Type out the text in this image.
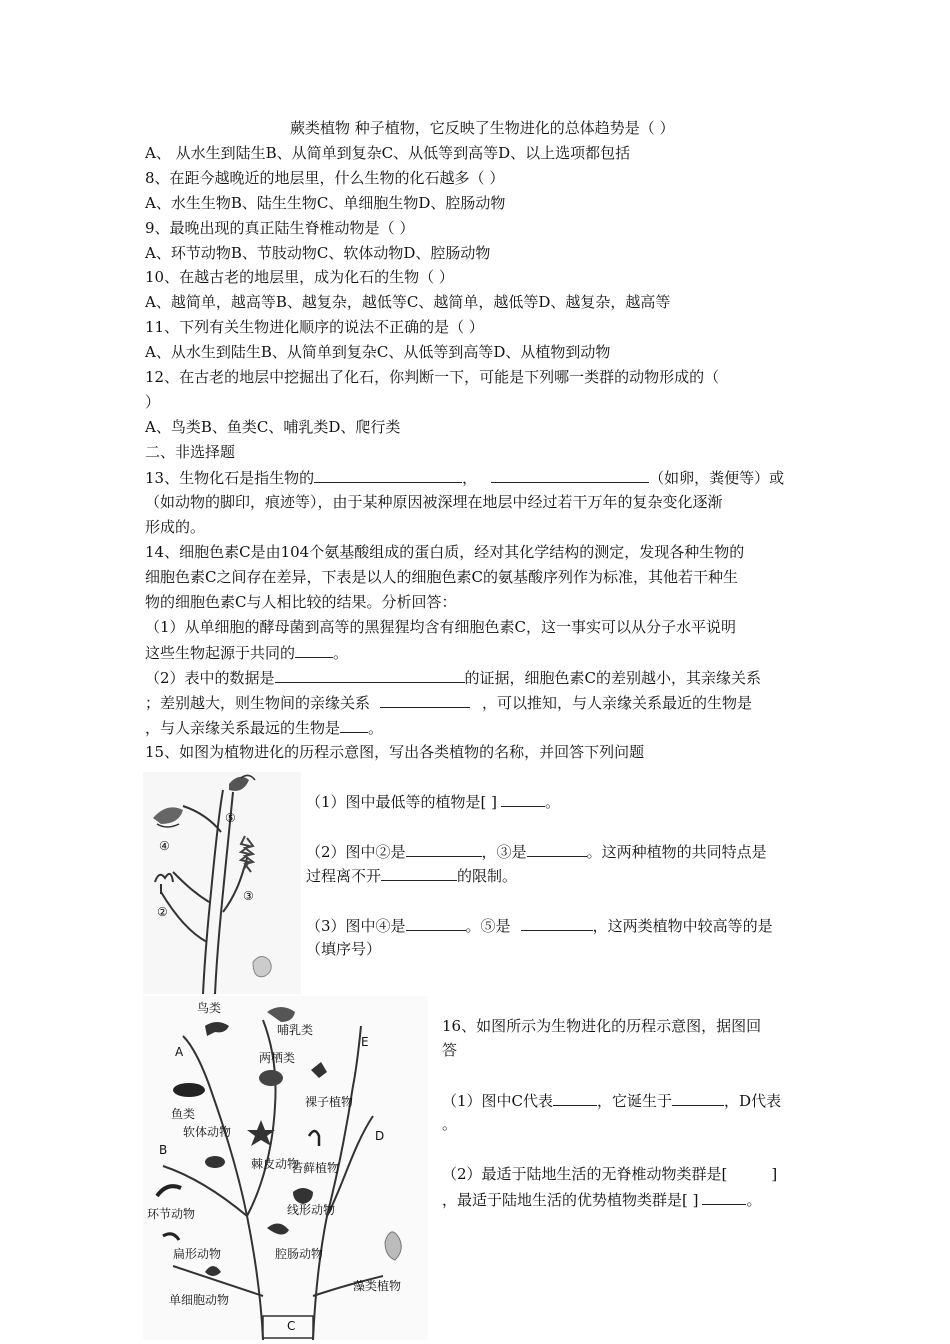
蕨类植物 种子植物，它反映了生物进化的总体趋势是（ ）
A、 从水生到陆生B、从简单到复杂C、从低等到高等D、以上选项都包括
8、在距今越晚近的地层里，什么生物的化石越多（ ）
A、水生生物B、陆生生物C、单细胞生物D、腔肠动物
9、最晚出现的真正陆生脊椎动物是（ ）
A、环节动物B、节肢动物C、软体动物D、腔肠动物
10、在越古老的地层里，成为化石的生物（ ）
A、越简单，越高等B、越复杂，越低等C、越简单，越低等D、越复杂，越高等
11、下列有关生物进化顺序的说法不正确的是（ ）
A、从水生到陆生B、从简单到复杂C、从低等到高等D、从植物到动物
12、在古老的地层中挖掘出了化石，你判断一下，可能是下列哪一类群的动物形成的（
）
A、鸟类B、鱼类C、哺乳类D、爬行类
二、非选择题
13、生物化石是指生物的	，	（如卵，粪便等）或
（如动物的脚印，痕迹等），由于某种原因被深埋在地层中经过若干万年的复杂变化逐渐
形成的。
14、细胞色素C是由104个氨基酸组成的蛋白质，经对其化学结构的测定，发现各种生物的
细胞色素C之间存在差异，下表是以人的细胞色素C的氨基酸序列作为标准，其他若干种生
物的细胞色素C与人相比较的结果。分析回答：
（1）从单细胞的酵母菌到高等的黑猩猩均含有细胞色素C，这一事实可以从分子水平说明
这些生物起源于共同的	。
（2）表中的数据是	的证据，细胞色素C的差别越小，其亲缘关系
；差别越大，则生物间的亲缘关系	，可以推知，与人亲缘关系最近的生物是
，与人亲缘关系最远的生物是 。
15、如图为植物进化的历程示意图，写出各类植物的名称，并回答下列问题
（1）图中最低等的植物是[ ]	。
（2）图中②是	，③是	。这两种植物的共同特点是
过程离不开	的限制。
（3）图中④是	。⑤是	，这两类植物中较高等的是
（填序号）
16、如图所示为生物进化的历程示意图，据图回
答
（1）图中C代表	，它诞生于	，D代表
。
（2）最适于陆地生活的无脊椎动物类群是[	]
，最适于陆地生活的优势植物类群是[ ]	。
⑤
④
③
②
鸟类
哺乳类
两栖类
裸子植物
鱼类
软体动物
棘皮动物
苔藓植物
环节动物	线形动物
扁形动物	腔肠动物
单细胞动物
藻类植物
A
B
C
D
E
